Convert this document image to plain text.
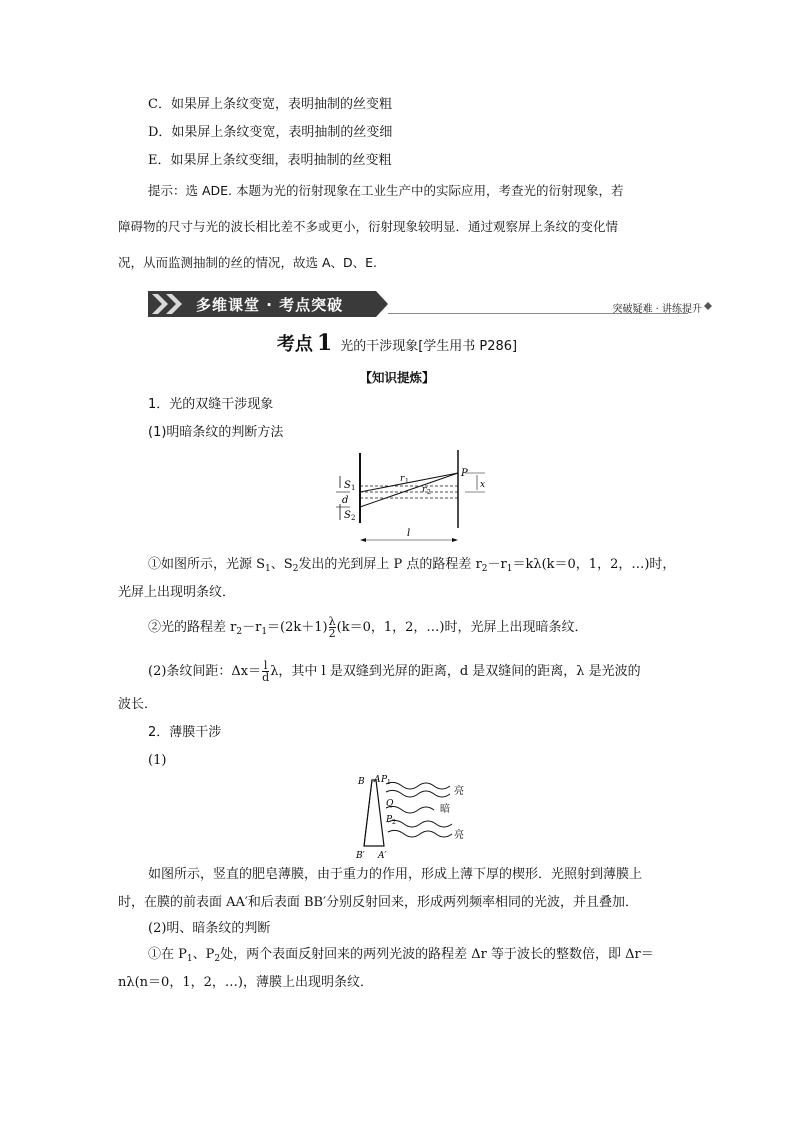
C．如果屏上条纹变宽，表明抽制的丝变粗
D．如果屏上条纹变宽，表明抽制的丝变细
E．如果屏上条纹变细，表明抽制的丝变粗
提示：选 ADE. 本题为光的衍射现象在工业生产中的实际应用，考查光的衍射现象，若
障碍物的尺寸与光的波长相比差不多或更小，衍射现象较明显．通过观察屏上条纹的变化情
况，从而监测抽制的丝的情况，故选 A、D、E.
多维课堂 · 考点突破	突破疑难 · 讲练提升
考点 1 光的干涉现象[学生用书 P286]
【知识提炼】
1．光的双缝干涉现象
(1)明暗条纹的判断方法
S 1
d
S 2
r 1
r 2
P
x
l
①如图所示，光源 $S_1$、$S_2$发出的光到屏上 P 点的路程差 $r_2-r_1=k\lambda(k=0$，1，2，…)时，
光屏上出现明条纹．
②光的路程差 $r_2-r_1=(2k+1) \frac{\lambda}{2} (k=0$，1，2，…)时，光屏上出现暗条纹．
(2)条纹间距：$\Delta x= \frac{l}{d}$ λ，其中 l 是双缝到光屏的距离，d 是双缝间的距离，λ 是光波的
波长．
2．薄膜干涉
(1)
B A P 1
Q
P 2
B′ A′
亮
暗
亮
如图所示，竖直的肥皂薄膜，由于重力的作用，形成上薄下厚的楔形．光照射到薄膜上
时，在膜的前表面 AA′和后表面 BB′分别反射回来，形成两列频率相同的光波，并且叠加．
(2)明、暗条纹的判断
①在 $P_1$、$P_2$处，两个表面反射回来的两列光波的路程差 Δr 等于波长的整数倍，即 Δr＝
nλ(n＝0，1，2，…)，薄膜上出现明条纹．
